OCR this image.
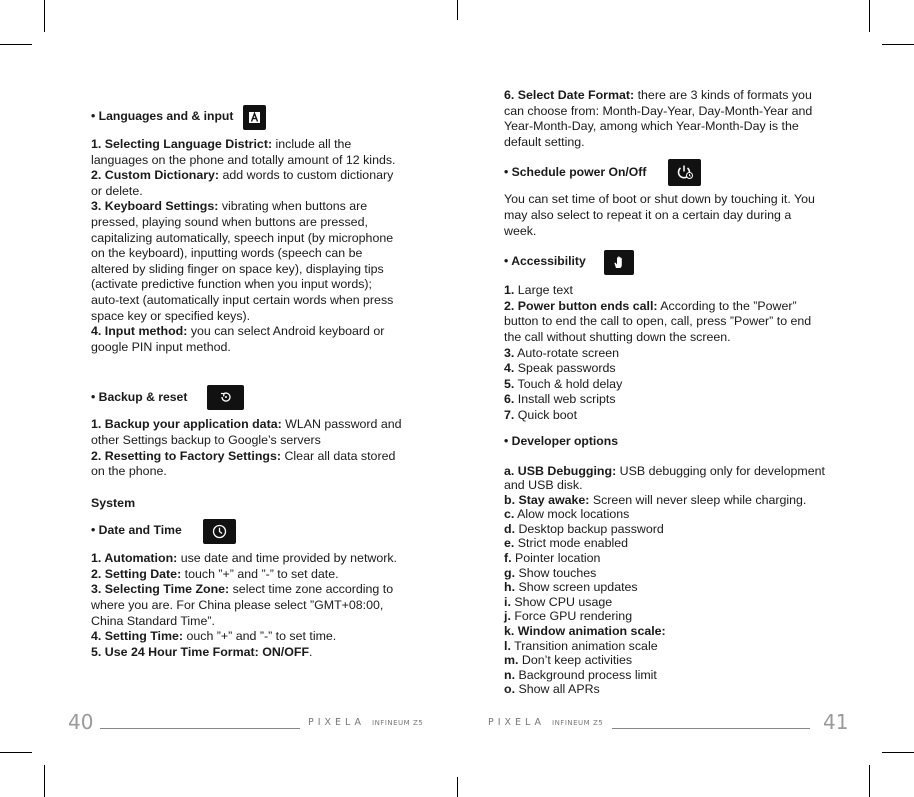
• Languages and & input

1. Selecting Language District: include all the languages on the phone and totally amount of 12 kinds.

2. Custom Dictionary: add words to custom dictionary or delete.

3. Keyboard Settings: vibrating when buttons are pressed, playing sound when buttons are pressed, capitalizing automatically, speech input (by microphone on the keyboard), inputting words (speech can be altered by sliding finger on space key), displaying tips (activate predictive function when you input words); auto-text (automatically input certain words when press space key or specified keys).

4. Input method: you can select Android keyboard or google PIN input method.

• Backup & reset

1. Backup your application data: WLAN password and other Settings backup to Google’s servers

2. Resetting to Factory Settings: Clear all data stored on the phone.

System

• Date and Time

1. Automation: use date and time provided by network.

2. Setting Date: touch ”+” and ”-” to set date.

3. Selecting Time Zone: select time zone according to where you are. For China please select ”GMT+08:00, China Standard Time”.

4. Setting Time: ouch ”+” and ”-” to set time.

5. Use 24 Hour Time Format: ON/OFF.

6. Select Date Format: there are 3 kinds of formats you can choose from: Month-Day-Year, Day-Month-Year and Year-Month-Day, among which Year-Month-Day is the default setting.

• Schedule power On/Off

You can set time of boot or shut down by touching it. You may also select to repeat it on a certain day during a week.

• Accessibility

1. Large text

2. Power button ends call: According to the ”Power” button to end the call to open, call, press ”Power” to end the call without shutting down the screen.

3. Auto-rotate screen

4. Speak passwords

5. Touch & hold delay

6. Install web scripts

7. Quick boot

• Developer options

a. USB Debugging: USB debugging only for development and USB disk.

b. Stay awake: Screen will never sleep while charging.

c. Alow mock locations

d. Desktop backup password

e. Strict mode enabled

f. Pointer location

g. Show touches

h. Show screen updates

i. Show CPU usage

j. Force GPU rendering

k. Window animation scale:

l. Transition animation scale

m. Don’t keep activities

n. Background process limit

o. Show all APRs

40	PIXELA INFINEUM Z5	PIXELA INFINEUM Z5	41
